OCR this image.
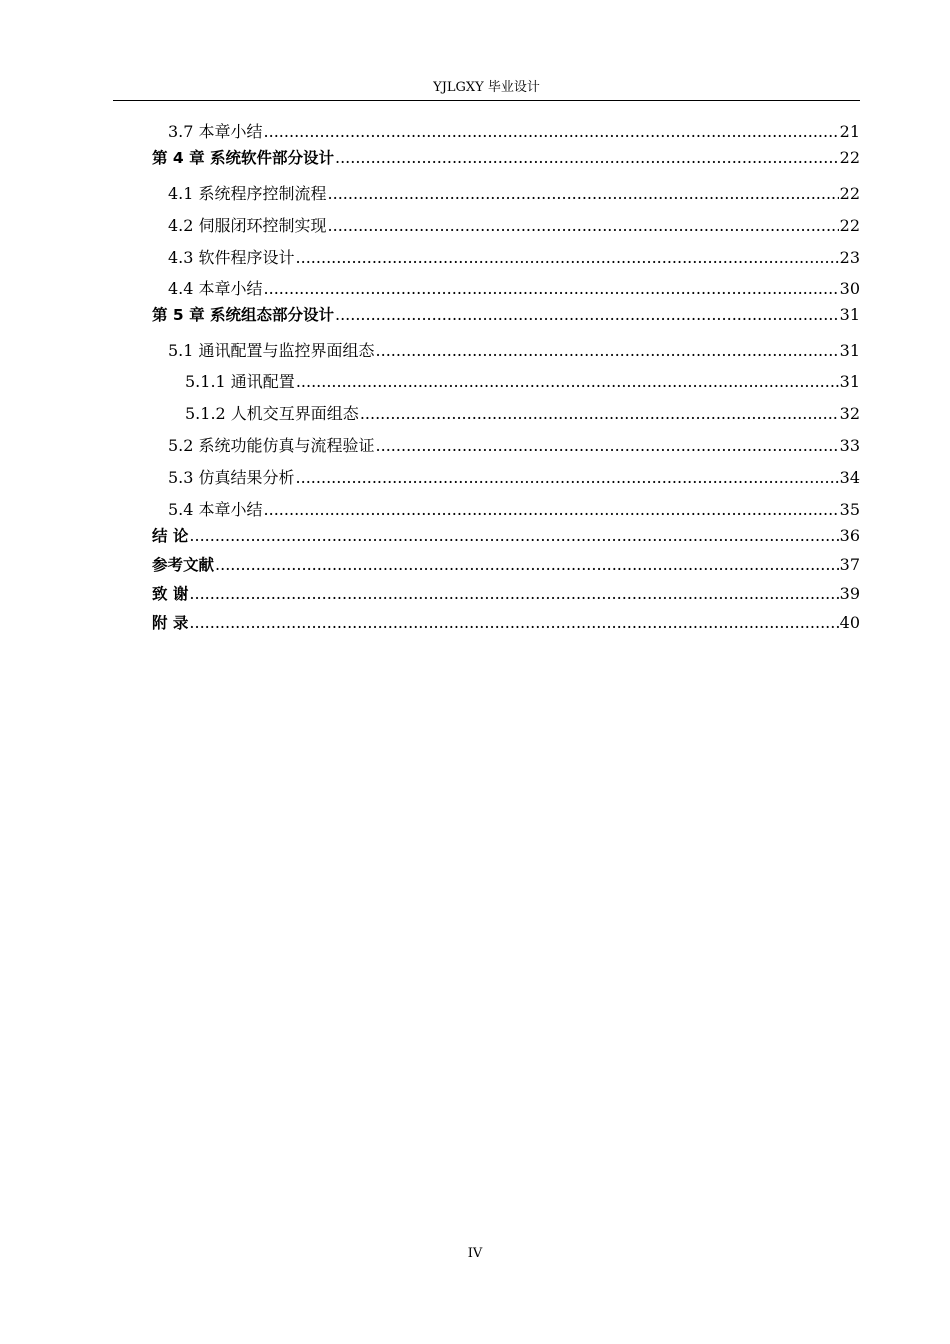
YJLGXY 毕业设计
3.7 本章小结 .....	21
第 4 章 系统软件部分设计 .....	22
4.1 系统程序控制流程 .....	22
4.2 伺服闭环控制实现 .....	22
4.3 软件程序设计 .....	23
4.4 本章小结 .....	30
第 5 章 系统组态部分设计 .....	31
5.1 通讯配置与监控界面组态 .....	31
5.1.1 通讯配置 .....	31
5.1.2 人机交互界面组态 .....	32
5.2 系统功能仿真与流程验证 .....	33
5.3 仿真结果分析 .....	34
5.4 本章小结 .....	35
结 论 .....	36
参考文献 .....	37
致 谢 .....	39
附 录 .....	40
IV
